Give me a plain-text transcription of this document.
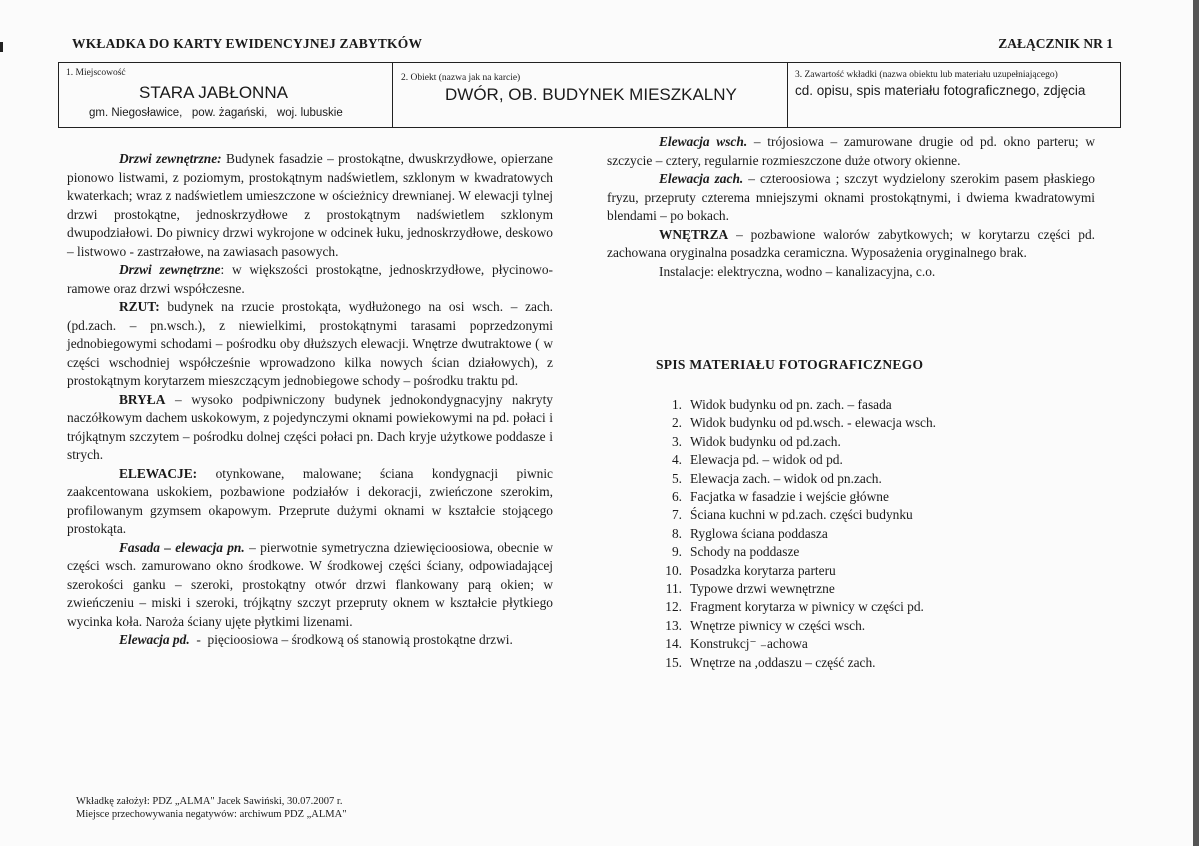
WKŁADKA DO KARTY EWIDENCYJNEJ ZABYTKÓW	ZAŁĄCZNIK NR 1
1. Miejscowość
STARA JABŁONNA
gm. Niegosławice,   pow. żagański,   woj. lubuskie
2. Obiekt (nazwa jak na karcie)
DWÓR, OB. BUDYNEK MIESZKALNY
3. Zawartość wkładki (nazwa obiektu lub materiału uzupełniającego)
cd. opisu, spis materiału fotograficznego, zdjęcia

Drzwi zewnętrzne: Budynek fasadzie – prostokątne, dwuskrzydłowe, opierzane pionowo listwami, z poziomym, prostokątnym nadświetlem, szklonym w kwadratowych kwaterkach; wraz z nadświetlem umieszczone w ościeżnicy drewnianej. W elewacji tylnej drzwi prostokątne, jednoskrzydłowe z prostokątnym nadświetlem szklonym dwupodziałowi. Do piwnicy drzwi wykrojone w odcinek łuku, jednoskrzydłowe, deskowo – listwowo - zastrzałowe, na zawiasach pasowych.

Drzwi zewnętrzne: w większości prostokątne, jednoskrzydłowe, płycinowo- ramowe oraz drzwi współczesne.

RZUT: budynek na rzucie prostokąta, wydłużonego na osi wsch. – zach. (pd.zach. – pn.wsch.), z niewielkimi, prostokątnymi tarasami poprzedzonymi jednobiegowymi schodami – pośrodku oby dłuższych elewacji. Wnętrze dwutraktowe ( w części wschodniej współcześnie wprowadzono kilka nowych ścian działowych), z prostokątnym korytarzem mieszczącym jednobiegowe schody – pośrodku traktu pd.

BRYŁA – wysoko podpiwniczony budynek jednokondygnacyjny nakryty naczółkowym dachem uskokowym, z pojedynczymi oknami powiekowymi na pd. połaci i trójkątnym szczytem – pośrodku dolnej części połaci pn. Dach kryje użytkowe poddasze i strych.

ELEWACJE: otynkowane, malowane; ściana kondygnacji piwnic zaakcentowana uskokiem, pozbawione podziałów i dekoracji, zwieńczone szerokim, profilowanym gzymsem okapowym. Przeprute dużymi oknami w kształcie stojącego prostokąta.

Fasada – elewacja pn. – pierwotnie symetryczna dziewięcioosiowa, obecnie w części wsch. zamurowano okno środkowe. W środkowej części ściany, odpowiadającej szerokości ganku – szeroki, prostokątny otwór drzwi flankowany parą okien; w zwieńczeniu – miski i szeroki, trójkątny szczyt przepruty oknem w kształcie płytkiego wycinka koła. Naroża ściany ujęte płytkimi lizenami.

Elewacja pd.  -  pięcioosiowa – środkową oś stanowią prostokątne drzwi.

Elewacja wsch. – trójosiowa – zamurowane drugie od pd. okno parteru; w szczycie – cztery, regularnie rozmieszczone duże otwory okienne.

Elewacja zach. – czteroosiowa ; szczyt wydzielony szerokim pasem płaskiego fryzu, przepruty czterema mniejszymi oknami prostokątnymi, i dwiema kwadratowymi blendami – po bokach.

WNĘTRZA – pozbawione walorów zabytkowych; w korytarzu części pd. zachowana oryginalna posadzka ceramiczna. Wyposażenia oryginalnego brak.

Instalacje: elektryczna, wodno – kanalizacyjna, c.o.

SPIS MATERIAŁU FOTOGRAFICZNEGO
1. Widok budynku od pn. zach. – fasada
2. Widok budynku od pd.wsch. - elewacja wsch.
3. Widok budynku od pd.zach.
4. Elewacja pd. – widok od pd.
5. Elewacja zach. – widok od pn.zach.
6. Facjatka w fasadzie i wejście główne
7. Ściana kuchni w pd.zach. części budynku
8. Ryglowa ściana poddasza
9. Schody na poddasze
10. Posadzka korytarza parteru
11. Typowe drzwi wewnętrzne
12. Fragment korytarza w piwnicy w części pd.
13. Wnętrze piwnicy w części wsch.
14. Konstrukcj⁻ ₋achowa
15. Wnętrze na ,oddaszu – część zach.
Wkładkę założył: PDZ „ALMA" Jacek Sawiński, 30.07.2007 r.
Miejsce przechowywania negatywów: archiwum PDZ „ALMA"
